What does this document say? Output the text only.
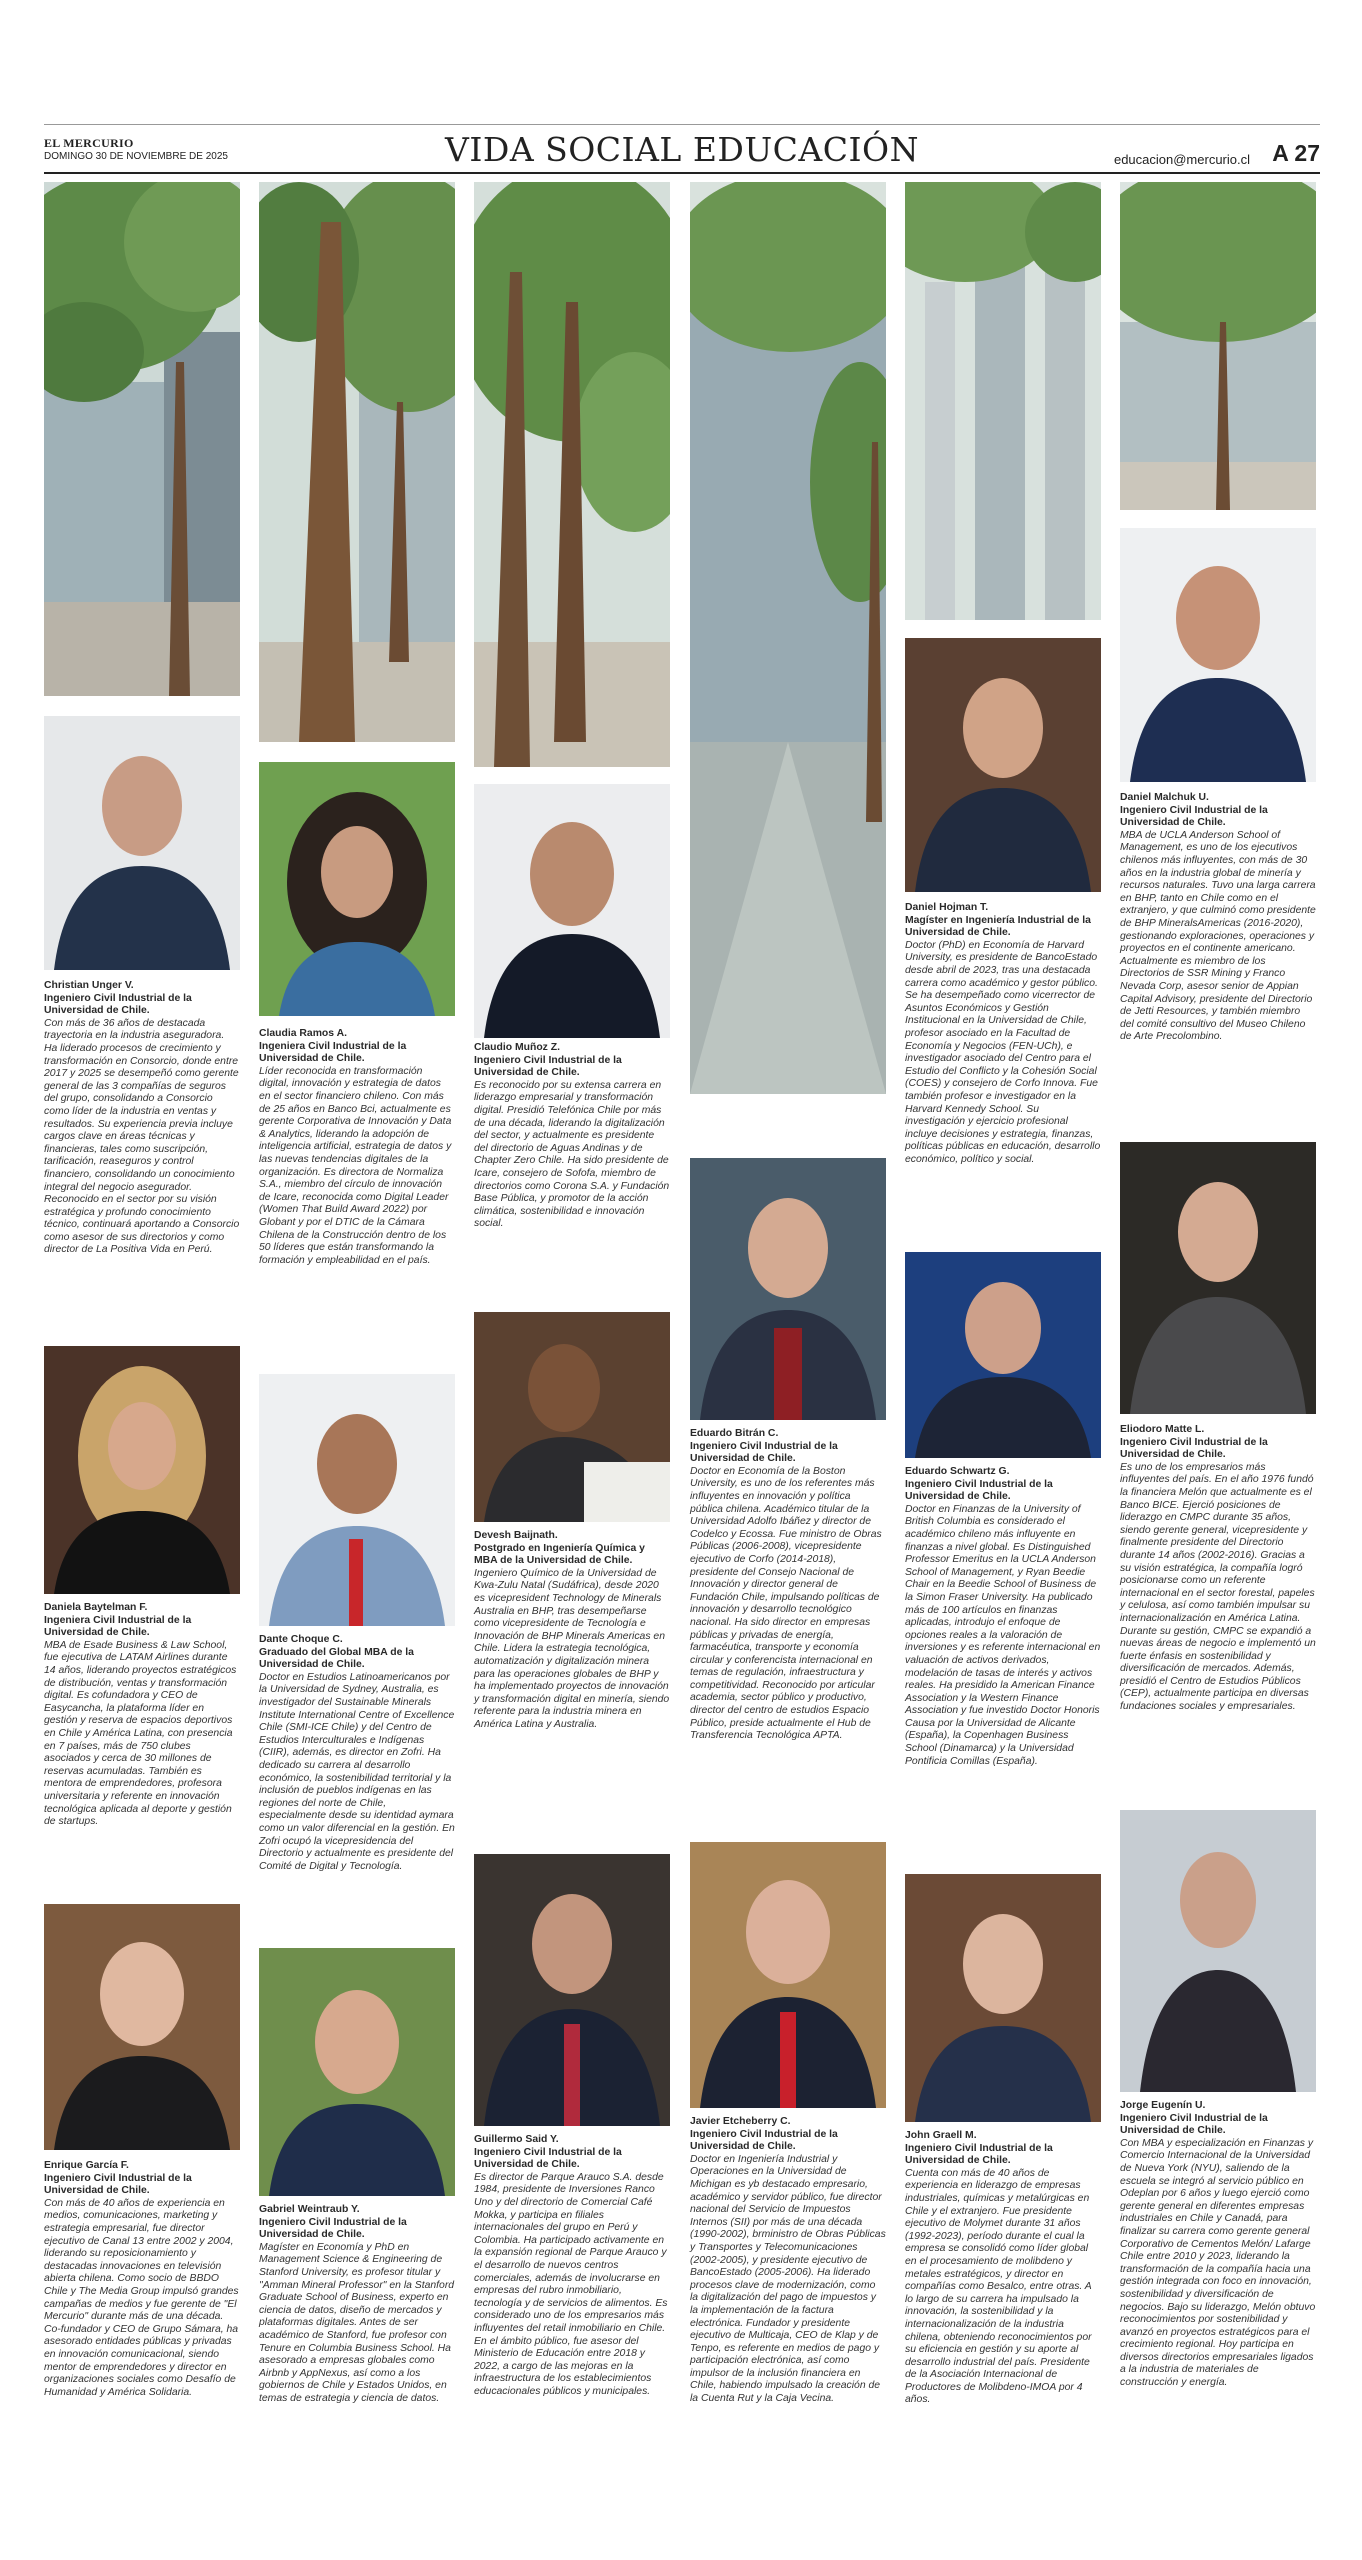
EL MERCURIO
DOMINGO 30 DE NOVIEMBRE DE 2025	VIDA SOCIAL EDUCACIÓN	educacion@mercurio.cl A 27
Christian Unger V.
Ingeniero Civil Industrial de la Universidad de Chile.
Con más de 36 años de destacada trayectoria en la industria aseguradora. Ha liderado procesos de crecimiento y transformación en Consorcio, donde entre 2017 y 2025 se desempeñó como gerente general de las 3 compañías de seguros del grupo, consolidando a Consorcio como líder de la industria en ventas y resultados. Su experiencia previa incluye cargos clave en áreas técnicas y financieras, tales como suscripción, tarificación, reaseguros y control financiero, consolidando un conocimiento integral del negocio asegurador. Reconocido en el sector por su visión estratégica y profundo conocimiento técnico, continuará aportando a Consorcio como asesor de sus directorios y como director de La Positiva Vida en Perú.
Claudia Ramos A.
Ingeniera Civil Industrial de la Universidad de Chile.
Líder reconocida en transformación digital, innovación y estrategia de datos en el sector financiero chileno. Con más de 25 años en Banco Bci, actualmente es gerente Corporativa de Innovación y Data & Analytics, liderando la adopción de inteligencia artificial, estrategia de datos y las nuevas tendencias digitales de la organización. Es directora de Normaliza S.A., miembro del círculo de innovación de Icare, reconocida como Digital Leader (Women That Build Award 2022) por Globant y por el DTIC de la Cámara Chilena de la Construcción dentro de los 50 líderes que están transformando la formación y empleabilidad en el país.
Claudio Muñoz Z.
Ingeniero Civil Industrial de la Universidad de Chile.
Es reconocido por su extensa carrera en liderazgo empresarial y transformación digital. Presidió Telefónica Chile por más de una década, liderando la digitalización del sector, y actualmente es presidente del directorio de Aguas Andinas y de Chapter Zero Chile. Ha sido presidente de Icare, consejero de Sofofa, miembro de directorios como Corona S.A. y Fundación Base Pública, y promotor de la acción climática, sostenibilidad e innovación social.
Daniel Hojman T.
Magíster en Ingeniería Industrial de la Universidad de Chile.
Doctor (PhD) en Economía de Harvard University, es presidente de BancoEstado desde abril de 2023, tras una destacada carrera como académico y gestor público. Se ha desempeñado como vicerrector de Asuntos Económicos y Gestión Institucional en la Universidad de Chile, profesor asociado en la Facultad de Economía y Negocios (FEN-UCh), e investigador asociado del Centro para el Estudio del Conflicto y la Cohesión Social (COES) y consejero de Corfo Innova. Fue también profesor e investigador en la Harvard Kennedy School. Su investigación y ejercicio profesional incluye decisiones y estrategia, finanzas, políticas públicas en educación, desarrollo económico, político y social.
Daniel Malchuk U.
Ingeniero Civil Industrial de la Universidad de Chile.
MBA de UCLA Anderson School of Management, es uno de los ejecutivos chilenos más influyentes, con más de 30 años en la industria global de minería y recursos naturales. Tuvo una larga carrera en BHP, tanto en Chile como en el extranjero, y que culminó como presidente de BHP MineralsAmericas (2016-2020), gestionando exploraciones, operaciones y proyectos en el continente americano. Actualmente es miembro de los Directorios de SSR Mining y Franco Nevada Corp, asesor senior de Appian Capital Advisory, presidente del Directorio de Jetti Resources, y también miembro del comité consultivo del Museo Chileno de Arte Precolombino.
Daniela Baytelman F.
Ingeniera Civil Industrial de la Universidad de Chile.
MBA de Esade Business & Law School, fue ejecutiva de LATAM Airlines durante 14 años, liderando proyectos estratégicos de distribución, ventas y transformación digital. Es cofundadora y CEO de Easycancha, la plataforma líder en gestión y reserva de espacios deportivos en Chile y América Latina, con presencia en 7 países, más de 750 clubes asociados y cerca de 30 millones de reservas acumuladas. También es mentora de emprendedores, profesora universitaria y referente en innovación tecnológica aplicada al deporte y gestión de startups.
Dante Choque C.
Graduado del Global MBA de la Universidad de Chile.
Doctor en Estudios Latinoamericanos por la Universidad de Sydney, Australia, es investigador del Sustainable Minerals Institute International Centre of Excellence Chile (SMI-ICE Chile) y del Centro de Estudios Interculturales e Indígenas (CIIR), además, es director en Zofri. Ha dedicado su carrera al desarrollo económico, la sostenibilidad territorial y la inclusión de pueblos indígenas en las regiones del norte de Chile, especialmente desde su identidad aymara como un valor diferencial en la gestión. En Zofri ocupó la vicepresidencia del Directorio y actualmente es presidente del Comité de Digital y Tecnología.
Devesh Baijnath.
Postgrado en Ingeniería Química y MBA de la Universidad de Chile.
Ingeniero Químico de la Universidad de Kwa-Zulu Natal (Sudáfrica), desde 2020 es vicepresident Technology de Minerals Australia en BHP, tras desempeñarse como vicepresidente de Tecnología e Innovación de BHP Minerals Americas en Chile. Lidera la estrategia tecnológica, automatización y digitalización minera para las operaciones globales de BHP y ha implementado proyectos de innovación y transformación digital en minería, siendo referente para la industria minera en América Latina y Australia.
Eduardo Bitrán C.
Ingeniero Civil Industrial de la Universidad de Chile.
Doctor en Economía de la Boston University, es uno de los referentes más influyentes en innovación y política pública chilena. Académico titular de la Universidad Adolfo Ibáñez y director de Codelco y Ecossa. Fue ministro de Obras Públicas (2006-2008), vicepresidente ejecutivo de Corfo (2014-2018), presidente del Consejo Nacional de Innovación y director general de Fundación Chile, impulsando políticas de innovación y desarrollo tecnológico nacional. Ha sido director en empresas públicas y privadas de energía, farmacéutica, transporte y economía circular y conferencista internacional en temas de regulación, infraestructura y competitividad. Reconocido por articular academia, sector público y productivo, director del centro de estudios Espacio Público, preside actualmente el Hub de Transferencia Tecnológica APTA.
Eduardo Schwartz G.
Ingeniero Civil Industrial de la Universidad de Chile.
Doctor en Finanzas de la University of British Columbia es considerado el académico chileno más influyente en finanzas a nivel global. Es Distinguished Professor Emeritus en la UCLA Anderson School of Management, y Ryan Beedie Chair en la Beedie School of Business de la Simon Fraser University. Ha publicado más de 100 artículos en finanzas aplicadas, introdujo el enfoque de opciones reales a la valoración de inversiones y es referente internacional en valuación de activos derivados, modelación de tasas de interés y activos reales. Ha presidido la American Finance Association y la Western Finance Association y fue investido Doctor Honoris Causa por la Universidad de Alicante (España), la Copenhagen Business School (Dinamarca) y la Universidad Pontificia Comillas (España).
Eliodoro Matte L.
Ingeniero Civil Industrial de la Universidad de Chile.
Es uno de los empresarios más influyentes del país. En el año 1976 fundó la financiera Melón que actualmente es el Banco BICE. Ejerció posiciones de liderazgo en CMPC durante 35 años, siendo gerente general, vicepresidente y finalmente presidente del Directorio durante 14 años (2002-2016). Gracias a su visión estratégica, la compañía logró posicionarse como un referente internacional en el sector forestal, papeles y celulosa, así como también impulsar su internacionalización en América Latina. Durante su gestión, CMPC se expandió a nuevas áreas de negocio e implementó un fuerte énfasis en sostenibilidad y diversificación de mercados. Además, presidió el Centro de Estudios Públicos (CEP), actualmente participa en diversas fundaciones sociales y empresariales.
Enrique García F.
Ingeniero Civil Industrial de la Universidad de Chile.
Con más de 40 años de experiencia en medios, comunicaciones, marketing y estrategia empresarial, fue director ejecutivo de Canal 13 entre 2002 y 2004, liderando su reposicionamiento y destacadas innovaciones en televisión abierta chilena. Como socio de BBDO Chile y The Media Group impulsó grandes campañas de medios y fue gerente de "El Mercurio" durante más de una década. Co-fundador y CEO de Grupo Sámara, ha asesorado entidades públicas y privadas en innovación comunicacional, siendo mentor de emprendedores y director en organizaciones sociales como Desafío de Humanidad y América Solidaria.
Gabriel Weintraub Y.
Ingeniero Civil Industrial de la Universidad de Chile.
Magíster en Economía y PhD en Management Science & Engineering de Stanford University, es profesor titular y "Amman Mineral Professor" en la Stanford Graduate School of Business, experto en ciencia de datos, diseño de mercados y plataformas digitales. Antes de ser académico de Stanford, fue profesor con Tenure en Columbia Business School. Ha asesorado a empresas globales como Airbnb y AppNexus, así como a los gobiernos de Chile y Estados Unidos, en temas de estrategia y ciencia de datos.
Guillermo Said Y.
Ingeniero Civil Industrial de la Universidad de Chile.
Es director de Parque Arauco S.A. desde 1984, presidente de Inversiones Ranco Uno y del directorio de Comercial Café Mokka, y participa en filiales internacionales del grupo en Perú y Colombia. Ha participado activamente en la expansión regional de Parque Arauco y el desarrollo de nuevos centros comerciales, además de involucrarse en empresas del rubro inmobiliario, tecnología y de servicios de alimentos. Es considerado uno de los empresarios más influyentes del retail inmobiliario en Chile. En el ámbito público, fue asesor del Ministerio de Educación entre 2018 y 2022, a cargo de las mejoras en la infraestructura de los establecimientos educacionales públicos y municipales.
Javier Etcheberry C.
Ingeniero Civil Industrial de la Universidad de Chile.
Doctor en Ingeniería Industrial y Operaciones en la Universidad de Michigan es yb destacado empresario, académico y servidor público, fue director nacional del Servicio de Impuestos Internos (SII) por más de una década (1990-2002), brministro de Obras Públicas y Transportes y Telecomunicaciones (2002-2005), y presidente ejecutivo de BancoEstado (2005-2006). Ha liderado procesos clave de modernización, como la digitalización del pago de impuestos y la implementación de la factura electrónica. Fundador y presidente ejecutivo de Multicaja, CEO de Klap y de Tenpo, es referente en medios de pago y participación electrónica, así como impulsor de la inclusión financiera en Chile, habiendo impulsado la creación de la Cuenta Rut y la Caja Vecina.
John Graell M.
Ingeniero Civil Industrial de la Universidad de Chile.
Cuenta con más de 40 años de experiencia en liderazgo de empresas industriales, químicas y metalúrgicas en Chile y el extranjero. Fue presidente ejecutivo de Molymet durante 31 años (1992-2023), período durante el cual la empresa se consolidó como líder global en el procesamiento de molibdeno y metales estratégicos, y director en compañías como Besalco, entre otras. A lo largo de su carrera ha impulsado la innovación, la sostenibilidad y la internacionalización de la industria chilena, obteniendo reconocimientos por su eficiencia en gestión y su aporte al desarrollo industrial del país. Presidente de la Asociación Internacional de Productores de Molibdeno-IMOA por 4 años.
Jorge Eugenín U.
Ingeniero Civil Industrial de la Universidad de Chile.
Con MBA y especialización en Finanzas y Comercio Internacional de la Universidad de Nueva York (NYU), saliendo de la escuela se integró al servicio público en Odeplan por 6 años y luego ejerció como gerente general en diferentes empresas industriales en Chile y Canadá, para finalizar su carrera como gerente general Corporativo de Cementos Melón/ Lafarge Chile entre 2010 y 2023, liderando la transformación de la compañía hacia una gestión integrada con foco en innovación, sostenibilidad y diversificación de negocios. Bajo su liderazgo, Melón obtuvo reconocimientos por sostenibilidad y avanzó en proyectos estratégicos para el crecimiento regional. Hoy participa en diversos directorios empresariales ligados a la industria de materiales de construcción y energía.
